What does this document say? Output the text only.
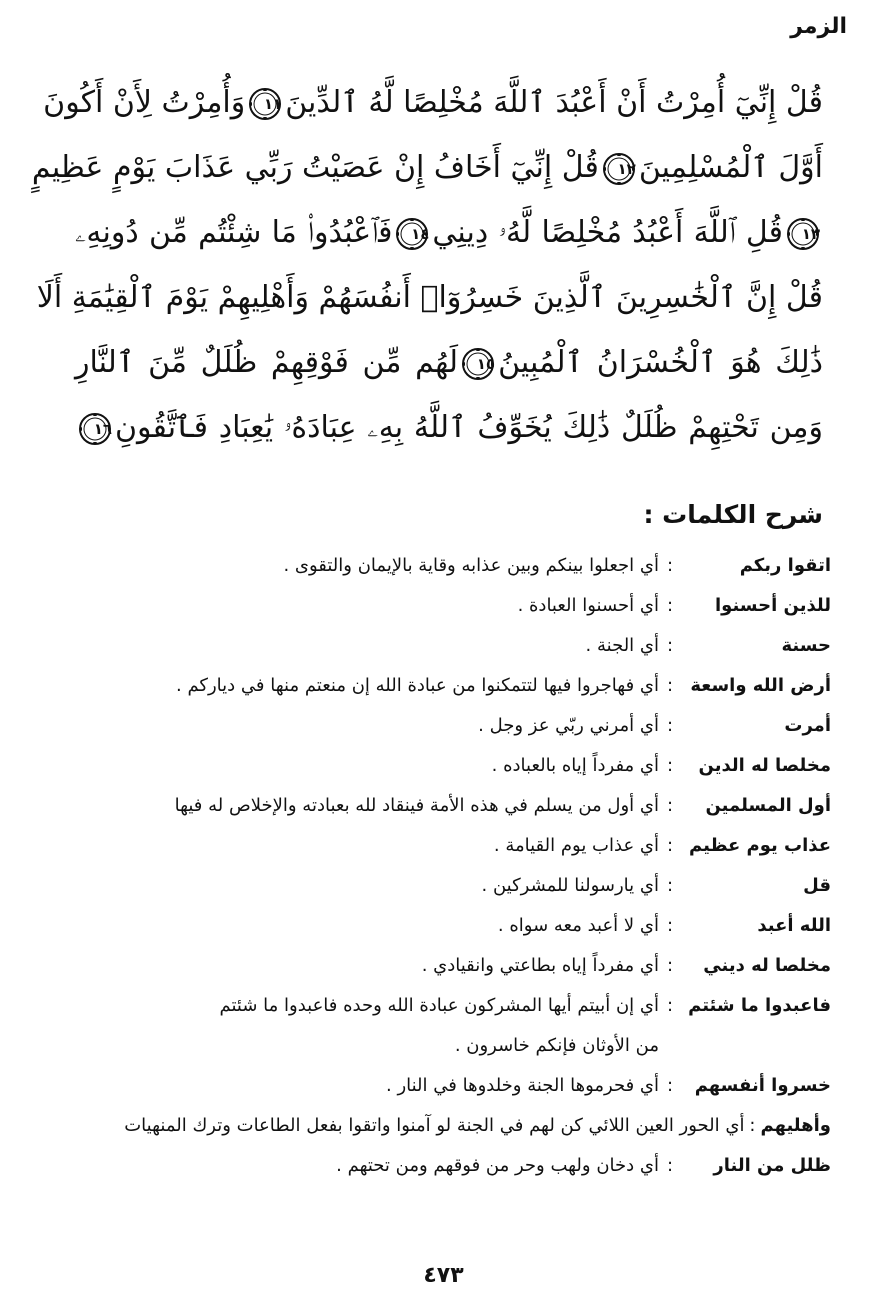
الزمر
قُلْ إِنِّيٓ أُمِرْتُ أَنْ أَعْبُدَ ٱللَّهَ مُخْلِصًا لَّهُ ٱلدِّينَ
١١وَأُمِرْتُ لِأَنْ أَكُونَ
أَوَّلَ ٱلْمُسْلِمِينَ
١٢قُلْ إِنِّيٓ أَخَافُ إِنْ عَصَيْتُ رَبِّي عَذَابَ يَوْمٍ عَظِيمٍ
١٣قُلِ ٱللَّهَ أَعْبُدُ مُخْلِصًا لَّهُۥ دِينِي
١٤فَٱعْبُدُوا۟ مَا شِئْتُم مِّن دُونِهِۦ
قُلْ إِنَّ ٱلْخَٰسِرِينَ ٱلَّذِينَ خَسِرُوٓا۟ أَنفُسَهُمْ وَأَهْلِيهِمْ يَوْمَ ٱلْقِيَٰمَةِ أَلَا
ذَٰلِكَ هُوَ ٱلْخُسْرَانُ ٱلْمُبِينُ
١٥لَهُم مِّن فَوْقِهِمْ ظُلَلٌ مِّنَ ٱلنَّارِ
وَمِن تَحْتِهِمْ ظُلَلٌ ذَٰلِكَ يُخَوِّفُ ٱللَّهُ بِهِۦ عِبَادَهُۥ يَٰعِبَادِ فَٱتَّقُونِ
١٦
شرح الكلمات :
اتقوا ربكم
:
أي اجعلوا بينكم وبين عذابه وقاية بالإيمان والتقوى .
للذين أحسنوا
:
أي أحسنوا العبادة .
حسنة
:
أي الجنة .
أرض الله واسعة
:
أي فهاجروا فيها لتتمكنوا من عبادة الله إن منعتم منها في دياركم .
أمرت
:
أي أمرني ربّي عز وجل .
مخلصا له الدين
:
أي مفرداً إياه بالعباده .
أول المسلمين
:
أي أول من يسلم في هذه الأمة فينقاد لله بعبادته والإخلاص له فيها
عذاب يوم عظيم
:
أي عذاب يوم القيامة .
قل
:
أي يارسولنا للمشركين .
الله أعبد
:
أي لا أعبد معه سواه .
مخلصا له ديني
:
أي مفرداً إياه بطاعتي وانقيادي .
فاعبدوا ما شئتم
:
أي إن أبيتم أيها المشركون عبادة الله وحده فاعبدوا ما شئتم
من الأوثان فإنكم خاسرون .
خسروا أنفسهم
:
أي فحرموها الجنة وخلدوها في النار .
وأهليهم
:
أي الحور العين اللائي كن لهم في الجنة لو آمنوا واتقوا بفعل الطاعات وترك المنهيات
ظلل من النار
:
أي دخان ولهب وحر من فوقهم ومن تحتهم .
٤٧٣
